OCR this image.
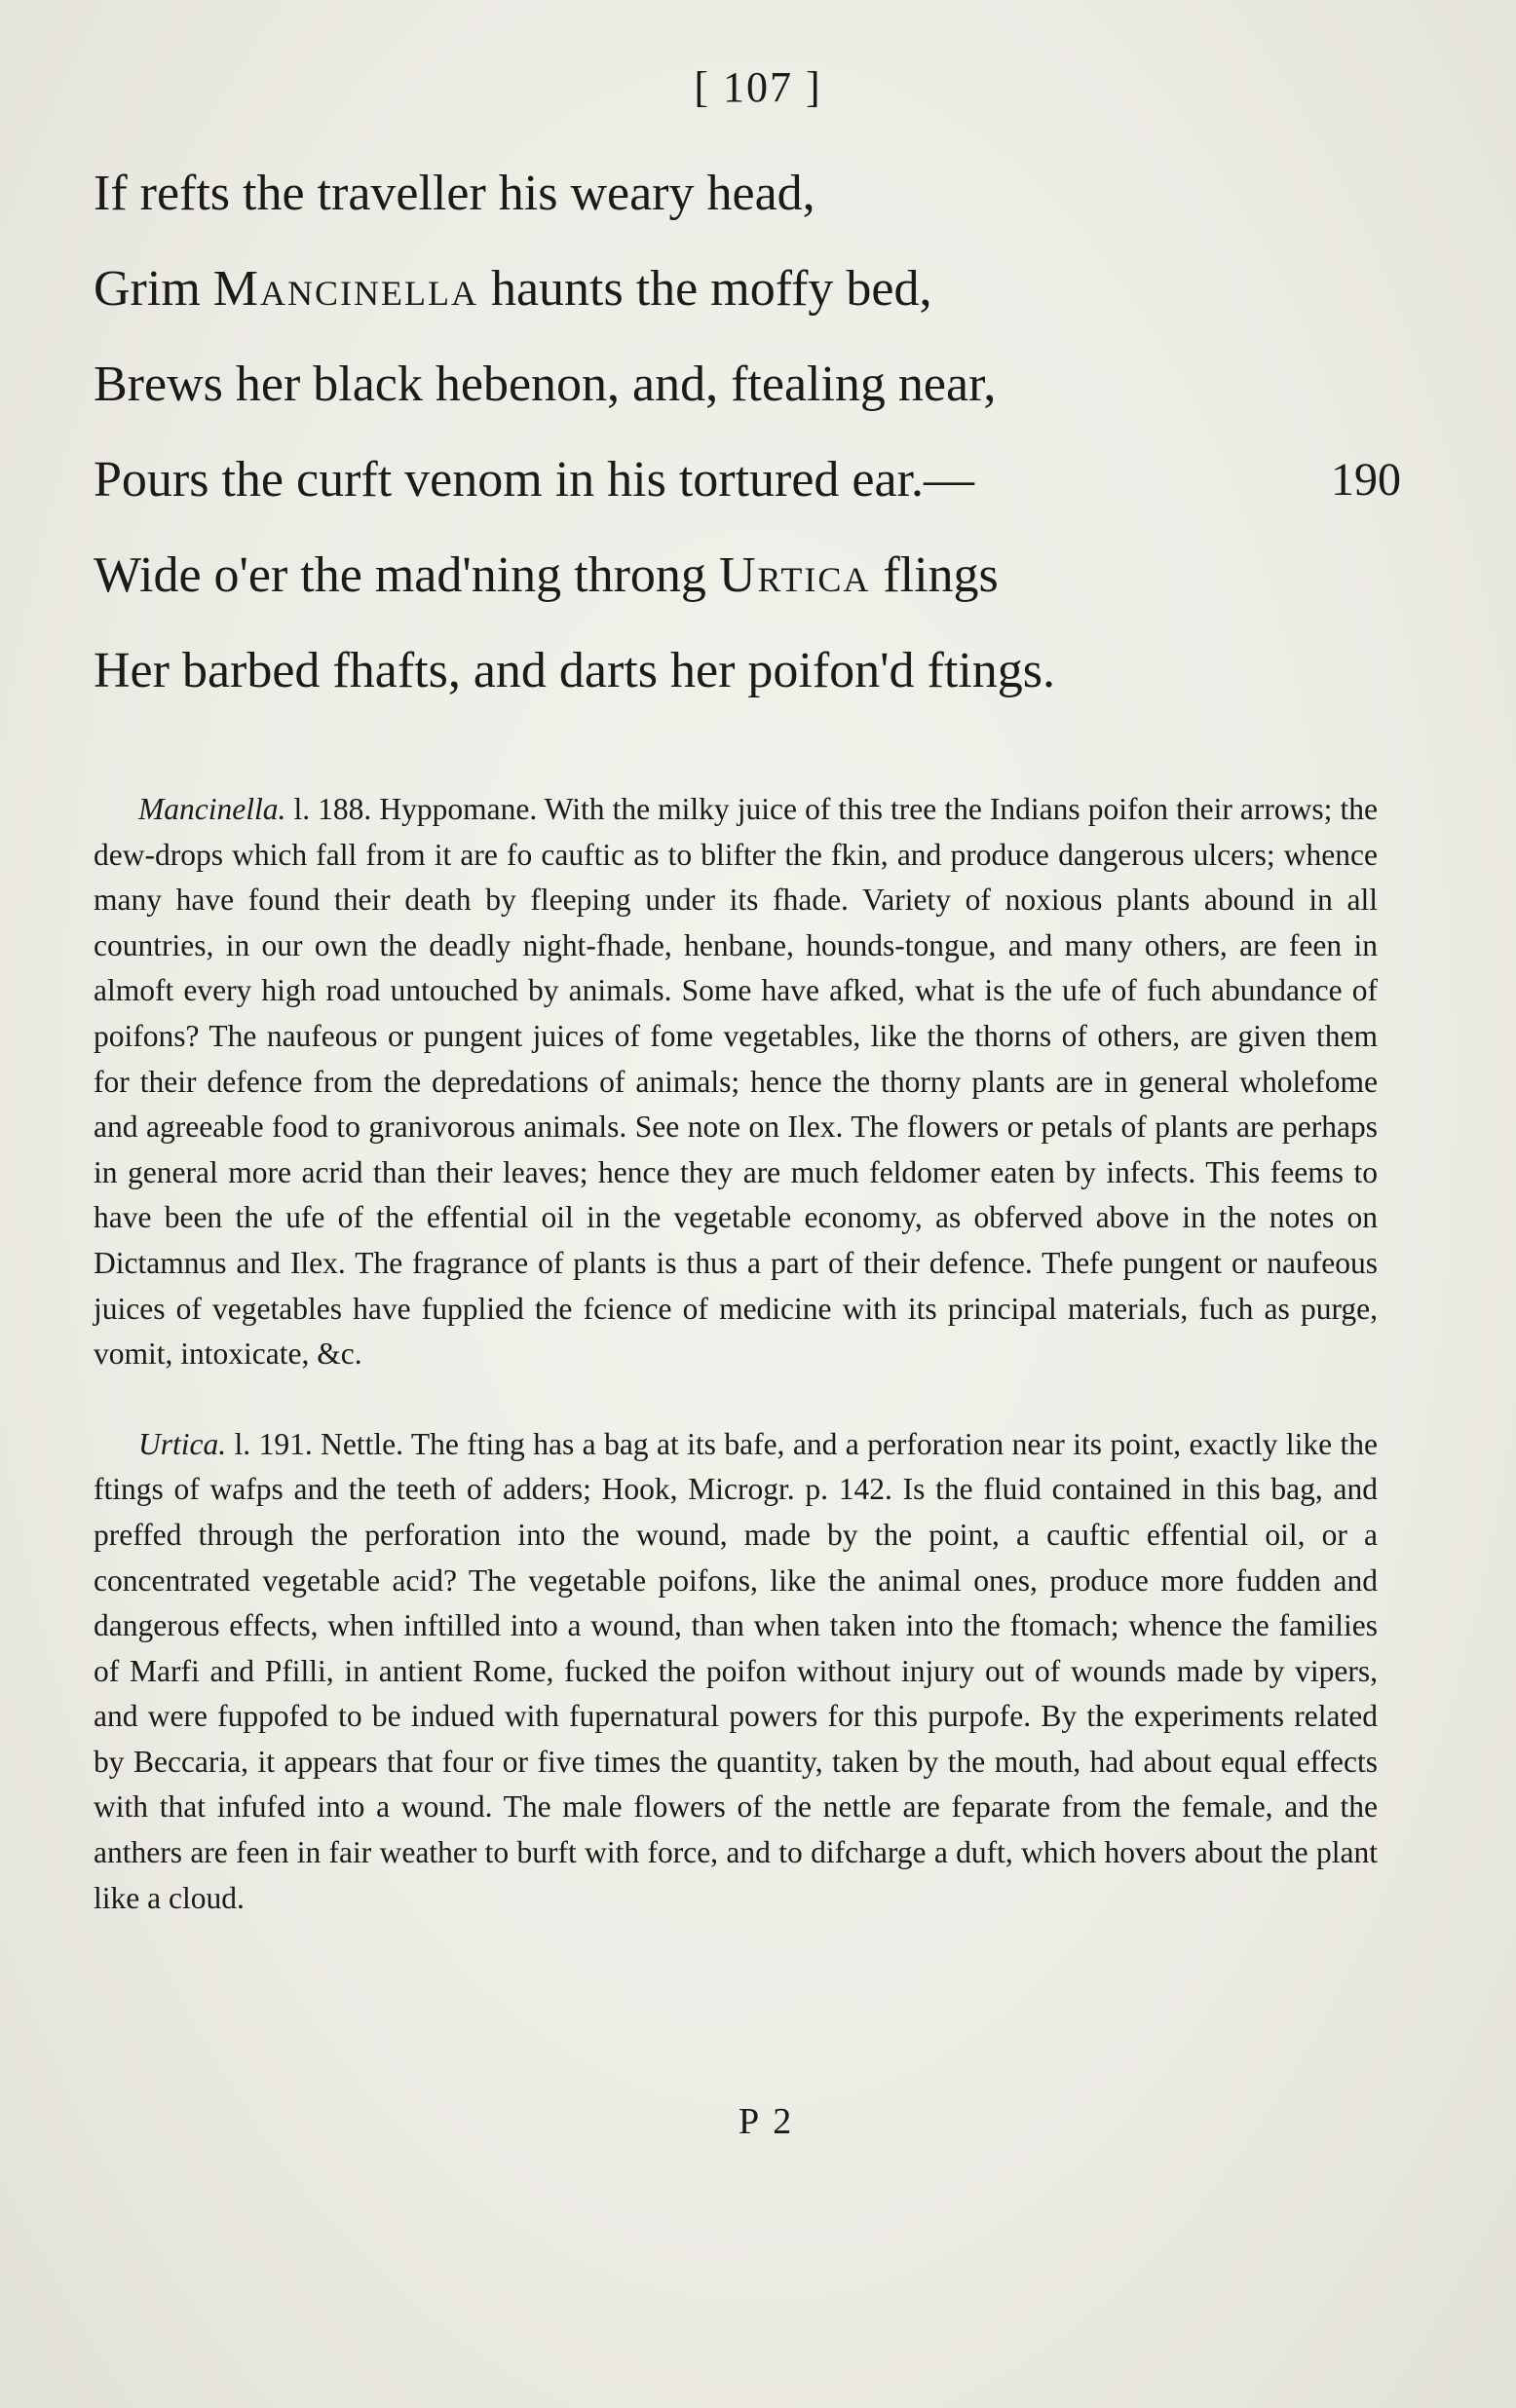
[ 107 ]
If refts the traveller his weary head,
Grim Mancinella haunts the moffy bed,
Brews her black hebenon, and, ftealing near,
Pours the curft venom in his tortured ear.—	190
Wide o'er the mad'ning throng Urtica flings
Her barbed fhafts, and darts her poifon'd ftings.

Mancinella. l. 188. Hyppomane. With the milky juice of this tree the Indians poifon their arrows; the dew-drops which fall from it are fo cauftic as to blifter the fkin, and produce dangerous ulcers; whence many have found their death by fleeping under its fhade. Variety of noxious plants abound in all countries, in our own the deadly night-fhade, henbane, hounds-tongue, and many others, are feen in almoft every high road untouched by animals. Some have afked, what is the ufe of fuch abundance of poifons? The naufeous or pungent juices of fome vegetables, like the thorns of others, are given them for their defence from the depredations of animals; hence the thorny plants are in general wholefome and agreeable food to granivorous animals. See note on Ilex. The flowers or petals of plants are perhaps in general more acrid than their leaves; hence they are much feldomer eaten by infects. This feems to have been the ufe of the effential oil in the vegetable economy, as obferved above in the notes on Dictamnus and Ilex. The fragrance of plants is thus a part of their defence. Thefe pungent or naufeous juices of vegetables have fupplied the fcience of medicine with its principal materials, fuch as purge, vomit, intoxicate, &c.

Urtica. l. 191. Nettle. The fting has a bag at its bafe, and a perforation near its point, exactly like the ftings of wafps and the teeth of adders; Hook, Microgr. p. 142. Is the fluid contained in this bag, and preffed through the perforation into the wound, made by the point, a cauftic effential oil, or a concentrated vegetable acid? The vegetable poifons, like the animal ones, produce more fudden and dangerous effects, when inftilled into a wound, than when taken into the ftomach; whence the families of Marfi and Pfilli, in antient Rome, fucked the poifon without injury out of wounds made by vipers, and were fuppofed to be indued with fupernatural powers for this purpofe. By the experiments related by Beccaria, it appears that four or five times the quantity, taken by the mouth, had about equal effects with that infufed into a wound. The male flowers of the nettle are feparate from the female, and the anthers are feen in fair weather to burft with force, and to difcharge a duft, which hovers about the plant like a cloud.

P 2
